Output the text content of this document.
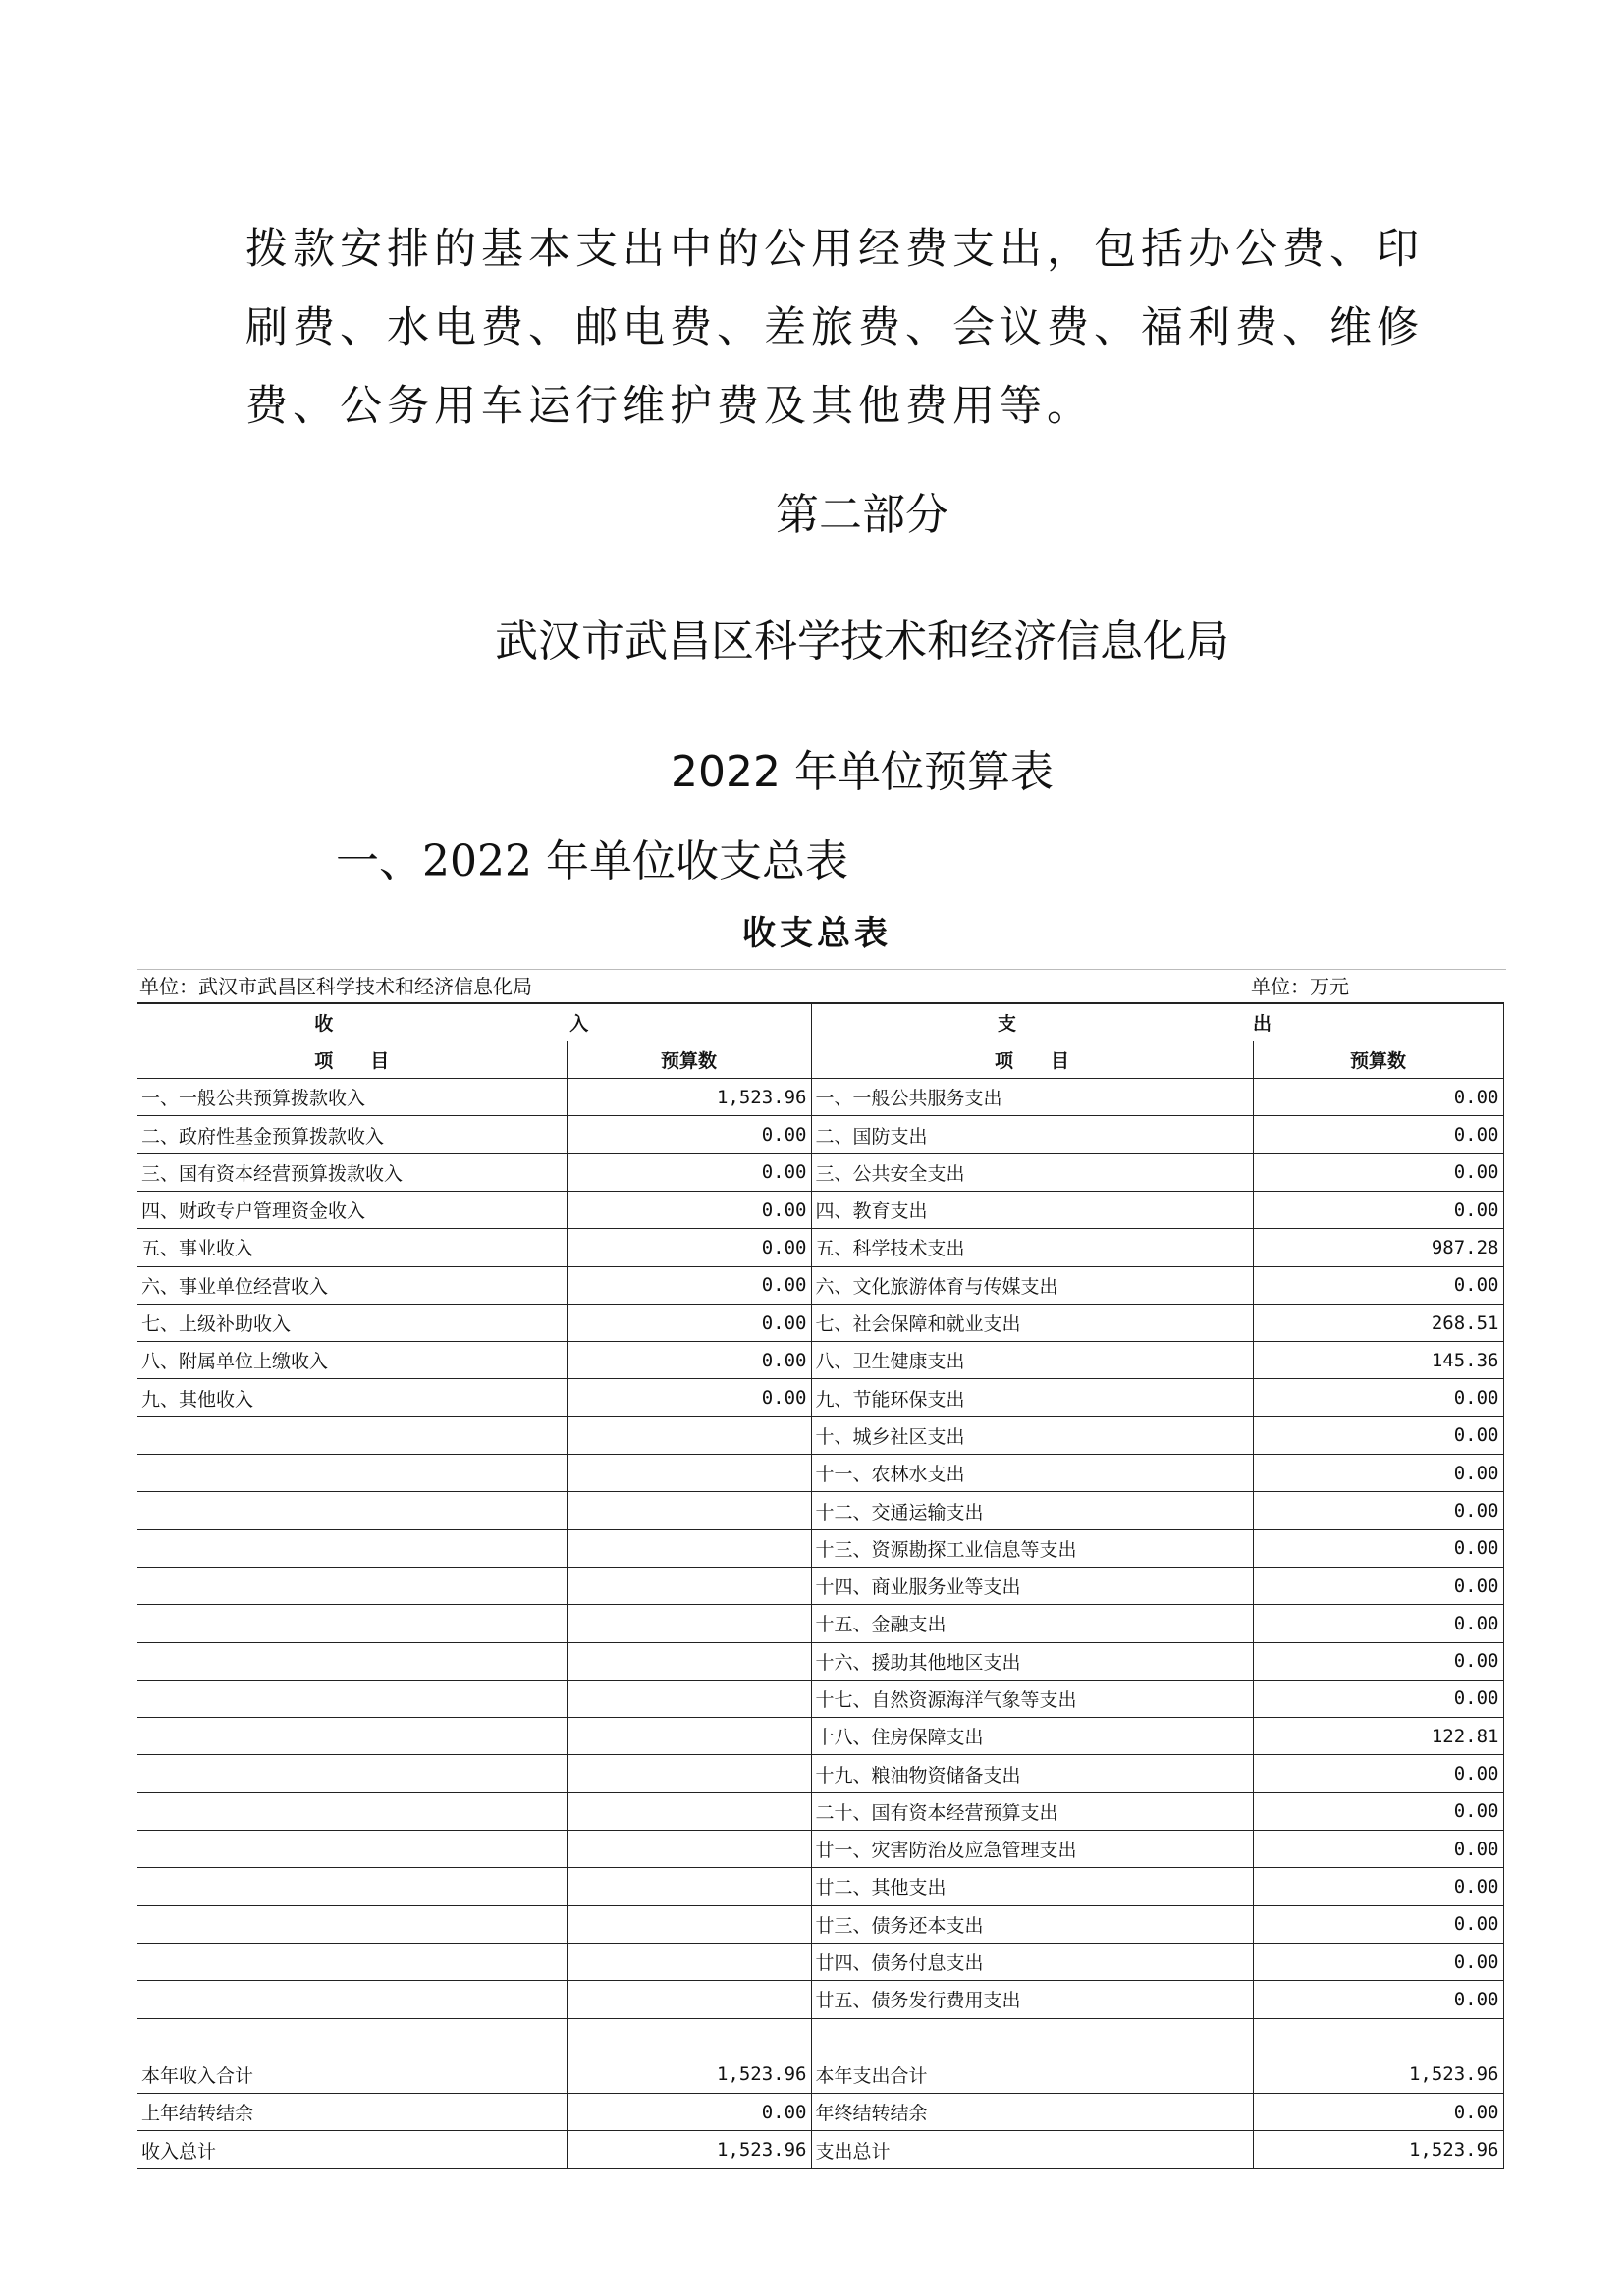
拨款安排的基本支出中的公用经费支出，包括办公费、印
刷费、水电费、邮电费、差旅费、会议费、福利费、维修
费、公务用车运行维护费及其他费用等。
第二部分
武汉市武昌区科学技术和经济信息化局
2022 年单位预算表
一、2022 年单位收支总表
收支总表
单位：武汉市武昌区科学技术和经济信息化局	单位：万元
收　　　入		支　　　出	
项　　目	预算数	项　　目	预算数
一、一般公共预算拨款收入	1,523.96	一、一般公共服务支出	0.00
二、政府性基金预算拨款收入	0.00	二、国防支出	0.00
三、国有资本经营预算拨款收入	0.00	三、公共安全支出	0.00
四、财政专户管理资金收入	0.00	四、教育支出	0.00
五、事业收入	0.00	五、科学技术支出	987.28
六、事业单位经营收入	0.00	六、文化旅游体育与传媒支出	0.00
七、上级补助收入	0.00	七、社会保障和就业支出	268.51
八、附属单位上缴收入	0.00	八、卫生健康支出	145.36
九、其他收入	0.00	九、节能环保支出	0.00
		十、城乡社区支出	0.00
		十一、农林水支出	0.00
		十二、交通运输支出	0.00
		十三、资源勘探工业信息等支出	0.00
		十四、商业服务业等支出	0.00
		十五、金融支出	0.00
		十六、援助其他地区支出	0.00
		十七、自然资源海洋气象等支出	0.00
		十八、住房保障支出	122.81
		十九、粮油物资储备支出	0.00
		二十、国有资本经营预算支出	0.00
		廿一、灾害防治及应急管理支出	0.00
		廿二、其他支出	0.00
		廿三、债务还本支出	0.00
		廿四、债务付息支出	0.00
		廿五、债务发行费用支出	0.00

本年收入合计	1,523.96	本年支出合计	1,523.96
上年结转结余	0.00	年终结转结余	0.00
收入总计	1,523.96	支出总计	1,523.96
